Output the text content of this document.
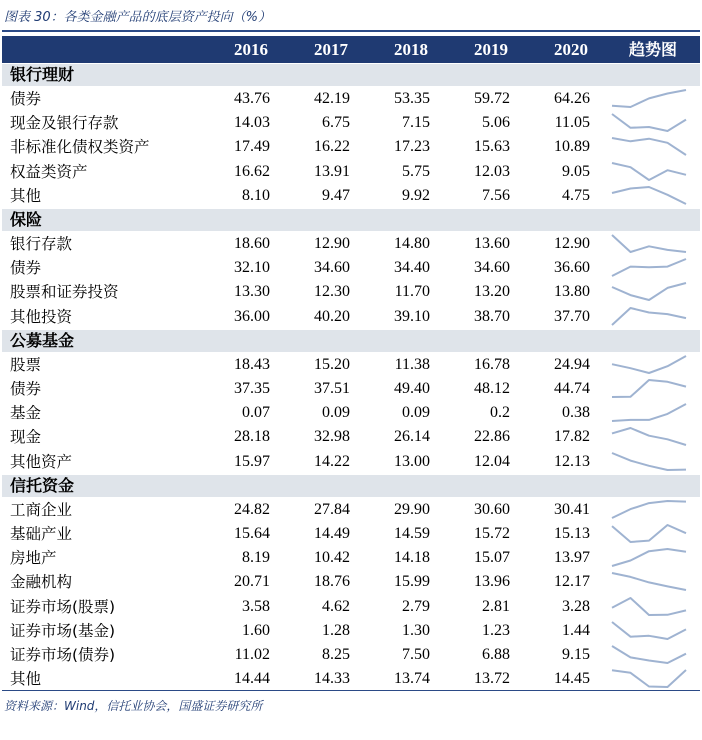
图表 30：各类金融产品的底层资产投向（%）
2016	2017	2018	2019	2020	趋势图
银行理财
债券	43.76	42.19	53.35	59.72	64.26
现金及银行存款	14.03	6.75	7.15	5.06	11.05
非标准化债权类资产	17.49	16.22	17.23	15.63	10.89
权益类资产	16.62	13.91	5.75	12.03	9.05
其他	8.10	9.47	9.92	7.56	4.75
保险
银行存款	18.60	12.90	14.80	13.60	12.90
债券	32.10	34.60	34.40	34.60	36.60
股票和证券投资	13.30	12.30	11.70	13.20	13.80
其他投资	36.00	40.20	39.10	38.70	37.70
公募基金
股票	18.43	15.20	11.38	16.78	24.94
债券	37.35	37.51	49.40	48.12	44.74
基金	0.07	0.09	0.09	0.2	0.38
现金	28.18	32.98	26.14	22.86	17.82
其他资产	15.97	14.22	13.00	12.04	12.13
信托资金
工商企业	24.82	27.84	29.90	30.60	30.41
基础产业	15.64	14.49	14.59	15.72	15.13
房地产	8.19	10.42	14.18	15.07	13.97
金融机构	20.71	18.76	15.99	13.96	12.17
证券市场(股票)	3.58	4.62	2.79	2.81	3.28
证券市场(基金)	1.60	1.28	1.30	1.23	1.44
证券市场(债券)	11.02	8.25	7.50	6.88	9.15
其他	14.44	14.33	13.74	13.72	14.45
资料来源：Wind，信托业协会，国盛证券研究所
